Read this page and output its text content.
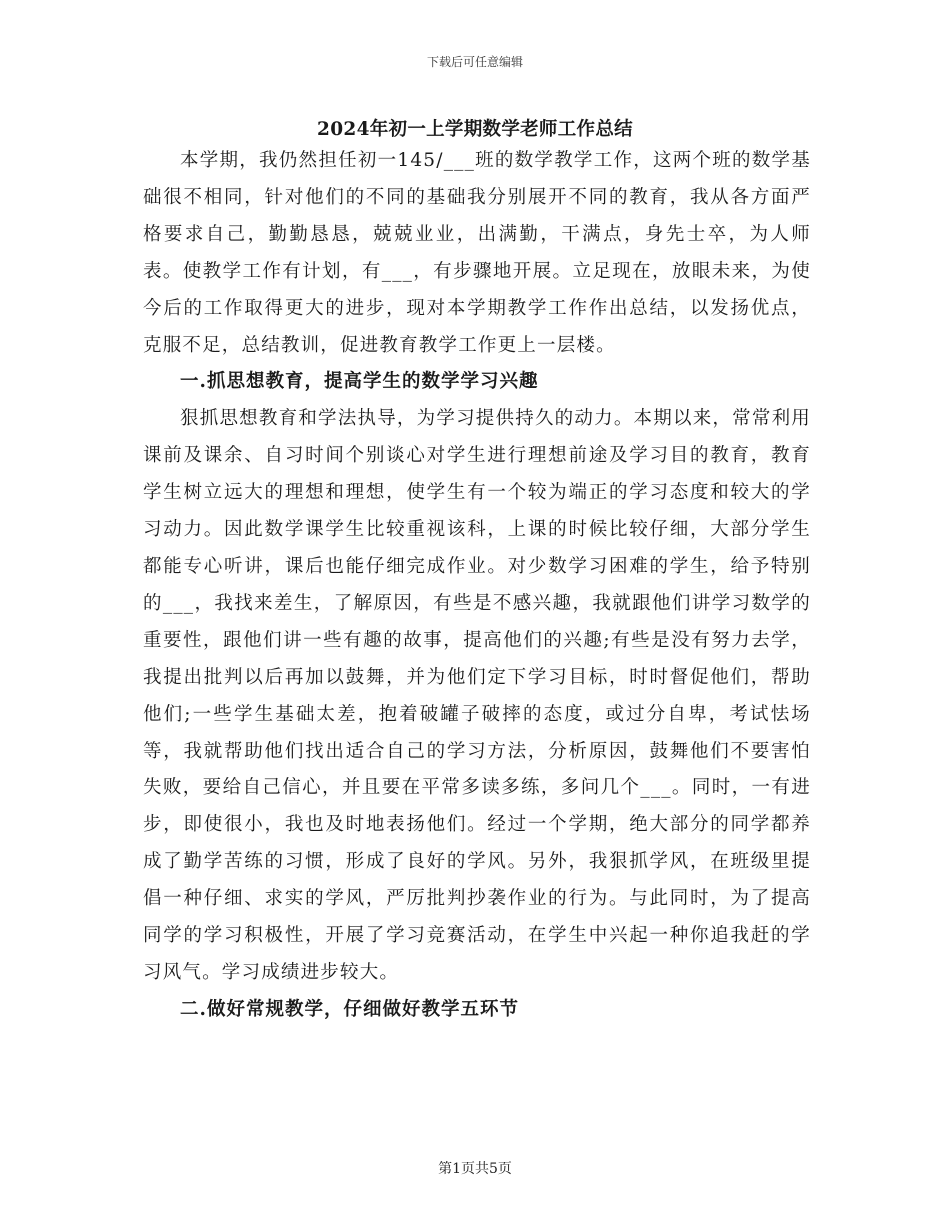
下载后可任意编辑
2024年初一上学期数学老师工作总结

本学期，我仍然担任初一145/___班的数学教学工作，这两个班的数学基础很不相同，针对他们的不同的基础我分别展开不同的教育，我从各方面严格要求自己，勤勤恳恳，兢兢业业，出满勤，干满点，身先士卒，为人师表。使教学工作有计划，有___，有步骤地开展。立足现在，放眼未来，为使今后的工作取得更大的进步，现对本学期教学工作作出总结，以发扬优点，克服不足，总结教训，促进教育教学工作更上一层楼。

一.抓思想教育，提高学生的数学学习兴趣

狠抓思想教育和学法执导，为学习提供持久的动力。本期以来，常常利用课前及课余、自习时间个别谈心对学生进行理想前途及学习目的教育，教育学生树立远大的理想和理想，使学生有一个较为端正的学习态度和较大的学习动力。因此数学课学生比较重视该科，上课的时候比较仔细，大部分学生都能专心听讲，课后也能仔细完成作业。对少数学习困难的学生，给予特别的___，我找来差生，了解原因，有些是不感兴趣，我就跟他们讲学习数学的重要性，跟他们讲一些有趣的故事，提高他们的兴趣;有些是没有努力去学，我提出批判以后再加以鼓舞，并为他们定下学习目标，时时督促他们，帮助他们;一些学生基础太差，抱着破罐子破摔的态度，或过分自卑，考试怯场等，我就帮助他们找出适合自己的学习方法，分析原因，鼓舞他们不要害怕失败，要给自己信心，并且要在平常多读多练，多问几个___。同时，一有进步，即使很小，我也及时地表扬他们。经过一个学期，绝大部分的同学都养成了勤学苦练的习惯，形成了良好的学风。另外，我狠抓学风，在班级里提倡一种仔细、求实的学风，严厉批判抄袭作业的行为。与此同时，为了提高同学的学习积极性，开展了学习竞赛活动，在学生中兴起一种你追我赶的学习风气。学习成绩进步较大。

二.做好常规教学，仔细做好教学五环节

第1页共5页
